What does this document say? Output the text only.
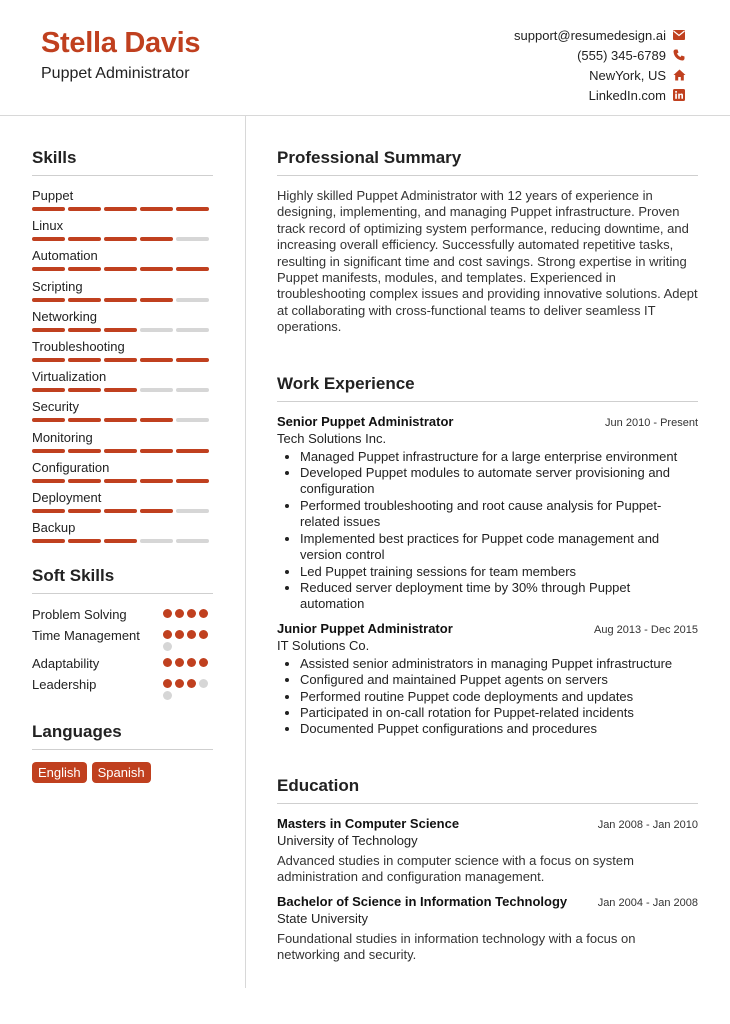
Stella Davis
Puppet Administrator
support@resumedesign.ai
(555) 345-6789
NewYork, US
LinkedIn.com
Skills
Puppet
Linux
Automation
Scripting
Networking
Troubleshooting
Virtualization
Security
Monitoring
Configuration
Deployment
Backup
Soft Skills
Problem Solving
Time Management
Adaptability
Leadership
Languages
English	Spanish
Professional Summary

Highly skilled Puppet Administrator with 12 years of experience in designing, implementing, and managing Puppet infrastructure. Proven track record of optimizing system performance, reducing downtime, and increasing overall efficiency. Successfully automated repetitive tasks, resulting in significant time and cost savings. Strong expertise in writing Puppet manifests, modules, and templates. Experienced in troubleshooting complex issues and providing innovative solutions. Adept at collaborating with cross-functional teams to deliver seamless IT operations.

Work Experience
Senior Puppet Administrator	Jun 2010 - Present
Tech Solutions Inc.
• Managed Puppet infrastructure for a large enterprise environment
• Developed Puppet modules to automate server provisioning and configuration
• Performed troubleshooting and root cause analysis for Puppet-related issues
• Implemented best practices for Puppet code management and version control
• Led Puppet training sessions for team members
• Reduced server deployment time by 30% through Puppet automation
Junior Puppet Administrator	Aug 2013 - Dec 2015
IT Solutions Co.
• Assisted senior administrators in managing Puppet infrastructure
• Configured and maintained Puppet agents on servers
• Performed routine Puppet code deployments and updates
• Participated in on-call rotation for Puppet-related incidents
• Documented Puppet configurations and procedures
Education
Masters in Computer Science	Jan 2008 - Jan 2010
University of Technology

Advanced studies in computer science with a focus on system administration and configuration management.

Bachelor of Science in Information Technology	Jan 2004 - Jan 2008
State University

Foundational studies in information technology with a focus on networking and security.
